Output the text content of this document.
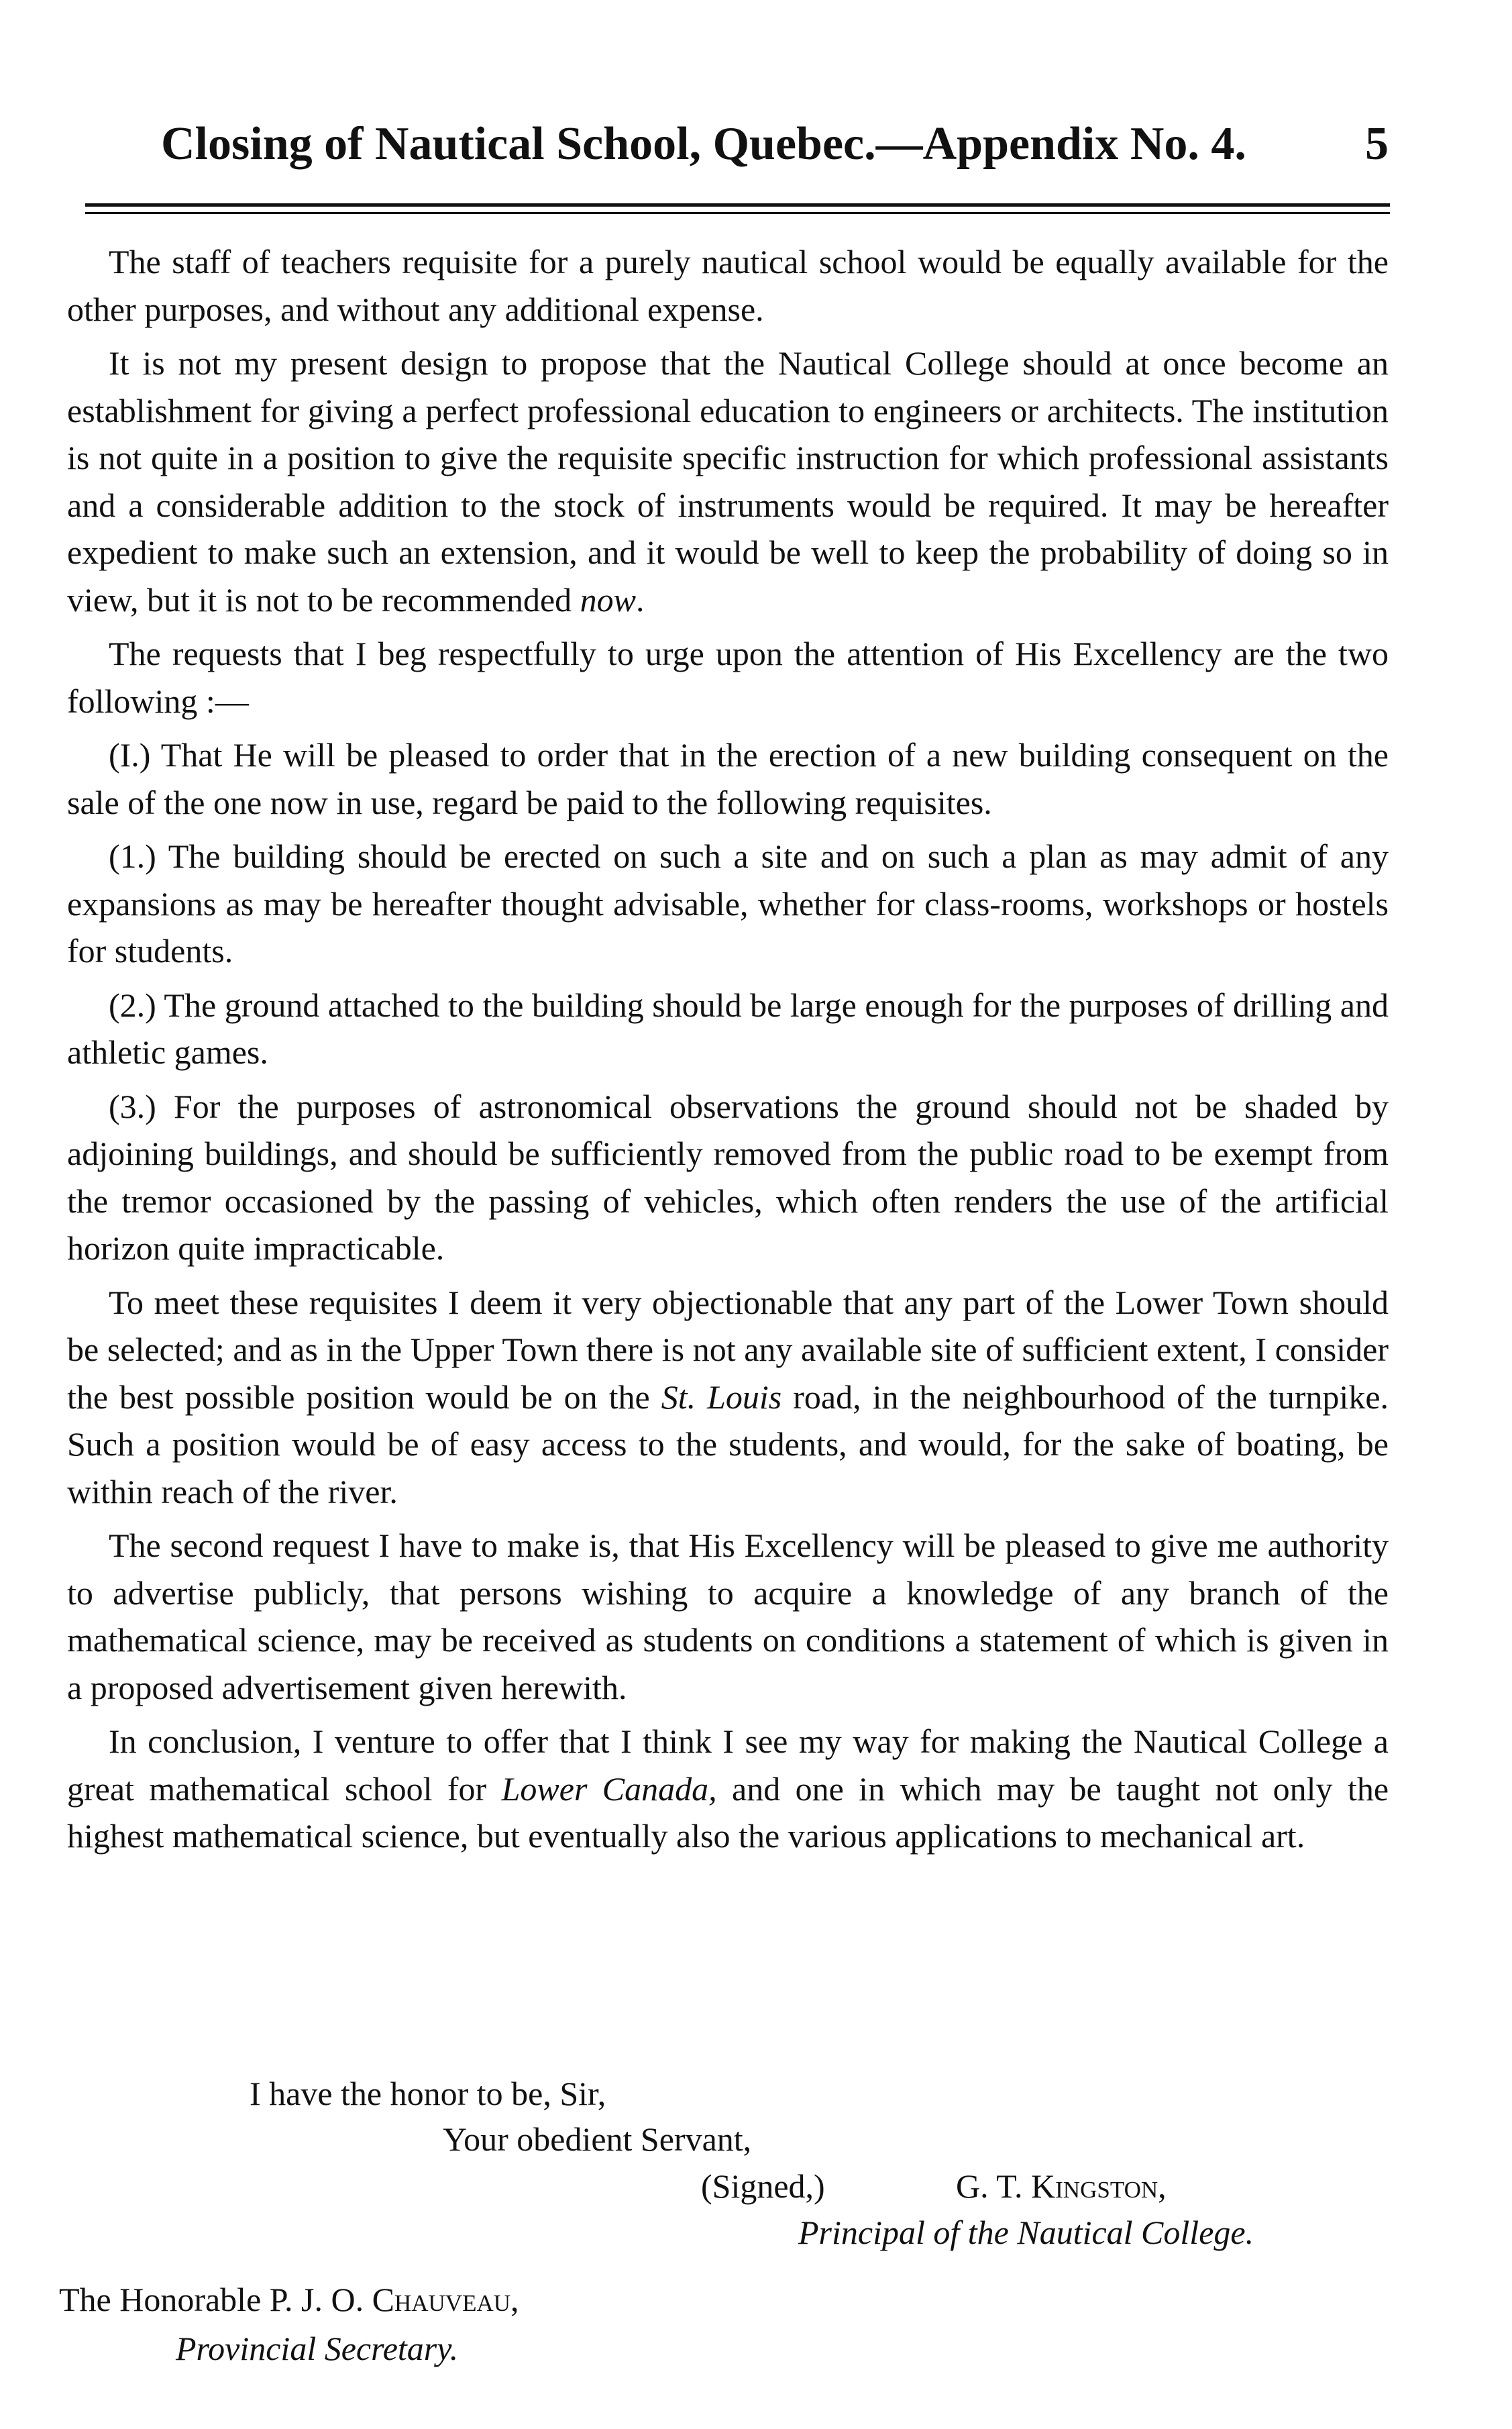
Closing of Nautical School, Quebec.—Appendix No. 4.	5

The staff of teachers requisite for a purely nautical school would be equally available for the other purposes, and without any additional expense.

It is not my present design to propose that the Nautical College should at once become an establishment for giving a perfect professional education to engineers or architects. The institution is not quite in a position to give the requisite specific instruction for which professional assistants and a considerable addition to the stock of instruments would be required. It may be hereafter expedient to make such an extension, and it would be well to keep the probability of doing so in view, but it is not to be recommended now.

The requests that I beg respectfully to urge upon the attention of His Excellency are the two following :—

(I.) That He will be pleased to order that in the erection of a new building consequent on the sale of the one now in use, regard be paid to the following requisites.

(1.) The building should be erected on such a site and on such a plan as may admit of any expansions as may be hereafter thought advisable, whether for class-rooms, workshops or hostels for students.

(2.) The ground attached to the building should be large enough for the purposes of drilling and athletic games.

(3.) For the purposes of astronomical observations the ground should not be shaded by adjoining buildings, and should be sufficiently removed from the public road to be exempt from the tremor occasioned by the passing of vehicles, which often renders the use of the artificial horizon quite impracticable.

To meet these requisites I deem it very objectionable that any part of the Lower Town should be selected; and as in the Upper Town there is not any available site of sufficient extent, I consider the best possible position would be on the St. Louis road, in the neighbourhood of the turnpike. Such a position would be of easy access to the students, and would, for the sake of boating, be within reach of the river.

The second request I have to make is, that His Excellency will be pleased to give me authority to advertise publicly, that persons wishing to acquire a knowledge of any branch of the mathematical science, may be received as students on conditions a statement of which is given in a proposed advertisement given herewith.

In conclusion, I venture to offer that I think I see my way for making the Nautical College a great mathematical school for Lower Canada, and one in which may be taught not only the highest mathematical science, but eventually also the various applications to mechanical art.

I have the honor to be, Sir,
Your obedient Servant,
(Signed,)	G. T. Kingston,
Principal of the Nautical College.
The Honorable P. J. O. Chauveau,
Provincial Secretary.
